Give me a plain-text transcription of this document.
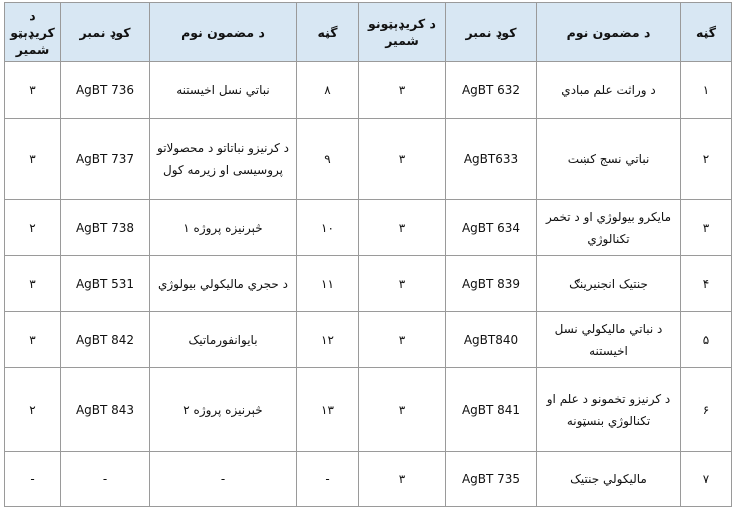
گڼه	د مضمون نوم	کوډ نمبر	د کریډېټونو شمیر	گڼه	د مضمون نوم	کوډ نمبر	د کریډېټو شمیر
۱	د وراثت علم مبادي	AgBT 632	۳	۸	نباتي نسل اخیستنه	AgBT 736	۳
۲	نباتي نسج کښت	AgBT633	۳	۹	د کرنیزو نباتاتو د محصولاتو پروسیسی او زیرمه کول	AgBT 737	۳
۳	مایکرو بیولوژي او د تخمر تکنالوژي	AgBT 634	۳	۱۰	څېرنیزه پروژه ۱	AgBT 738	۲
۴	جنتیک انجنیرینګ	AgBT 839	۳	۱۱	د حجري مالیکولي بیولوژي	AgBT 531	۳
۵	د نباتي مالیکولي نسل اخیستنه	AgBT840	۳	۱۲	بایوانفورماتیک	AgBT 842	۳
۶	د کرنیزو تخمونو د علم او تکنالوژي بنسټونه	AgBT 841	۳	۱۳	څېرنیزه پروژه ۲	AgBT 843	۲
۷	مالیکولي جنتیک	AgBT 735	۳	-	-	-	-
